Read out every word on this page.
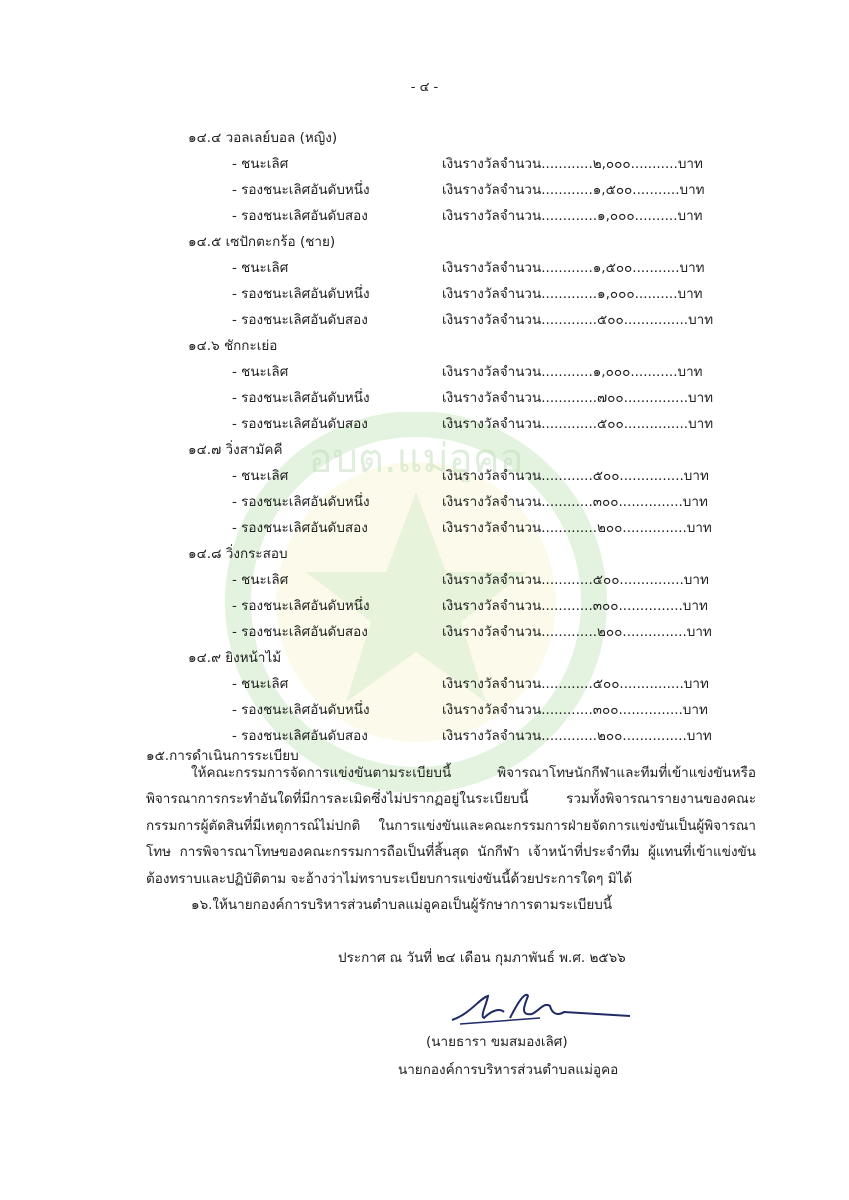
- ๔ -
อบต.แม่อูคอ
๑๔.๔ วอลเลย์บอล (หญิง)
- ชนะเลิศ	เงินรางวัลจำนวน............๒,๐๐๐...........บาท
- รองชนะเลิศอันดับหนึ่ง	เงินรางวัลจำนวน............๑,๕๐๐...........บาท
- รองชนะเลิศอันดับสอง	เงินรางวัลจำนวน.............๑,๐๐๐..........บาท
๑๔.๕ เซปักตะกร้อ (ชาย)
- ชนะเลิศ	เงินรางวัลจำนวน............๑,๕๐๐...........บาท
- รองชนะเลิศอันดับหนึ่ง	เงินรางวัลจำนวน.............๑,๐๐๐..........บาท
- รองชนะเลิศอันดับสอง	เงินรางวัลจำนวน.............๕๐๐...............บาท
๑๔.๖ ชักกะเย่อ
- ชนะเลิศ	เงินรางวัลจำนวน............๑,๐๐๐...........บาท
- รองชนะเลิศอันดับหนึ่ง	เงินรางวัลจำนวน.............๗๐๐...............บาท
- รองชนะเลิศอันดับสอง	เงินรางวัลจำนวน.............๕๐๐...............บาท
๑๔.๗ วิ่งสามัคคี
- ชนะเลิศ	เงินรางวัลจำนวน............๕๐๐...............บาท
- รองชนะเลิศอันดับหนึ่ง	เงินรางวัลจำนวน............๓๐๐...............บาท
- รองชนะเลิศอันดับสอง	เงินรางวัลจำนวน.............๒๐๐...............บาท
๑๔.๘ วิ่งกระสอบ
- ชนะเลิศ	เงินรางวัลจำนวน............๕๐๐...............บาท
- รองชนะเลิศอันดับหนึ่ง	เงินรางวัลจำนวน............๓๐๐...............บาท
- รองชนะเลิศอันดับสอง	เงินรางวัลจำนวน.............๒๐๐...............บาท
๑๔.๙ ยิงหน้าไม้
- ชนะเลิศ	เงินรางวัลจำนวน............๕๐๐...............บาท
- รองชนะเลิศอันดับหนึ่ง	เงินรางวัลจำนวน............๓๐๐...............บาท
- รองชนะเลิศอันดับสอง	เงินรางวัลจำนวน.............๒๐๐...............บาท
๑๕.การดำเนินการระเบียบ

ให้คณะกรรมการจัดการแข่งขันตามระเบียบนี้ พิจารณาโทษนักกีฬาและทีมที่เข้าแข่งขันหรือพิจารณาการกระทำอันใดที่มีการละเมิดซึ่งไม่ปรากฏอยู่ในระเบียบนี้ รวมทั้งพิจารณารายงานของคณะกรรมการผู้ตัดสินที่มีเหตุการณ์ไม่ปกติ ในการแข่งขันและคณะกรรมการฝ่ายจัดการแข่งขันเป็นผู้พิจารณาโทษ การพิจารณาโทษของคณะกรรมการถือเป็นที่สิ้นสุด นักกีฬา เจ้าหน้าที่ประจำทีม ผู้แทนที่เข้าแข่งขันต้องทราบและปฏิบัติตาม จะอ้างว่าไม่ทราบระเบียบการแข่งขันนี้ด้วยประการใดๆ มิได้

๑๖.ให้นายกองค์การบริหารส่วนตำบลแม่อูคอเป็นผู้รักษาการตามระเบียบนี้

ประกาศ ณ วันที่ ๒๔ เดือน กุมภาพันธ์ พ.ศ. ๒๕๖๖
(นายธารา ขมสมองเลิศ)
นายกองค์การบริหารส่วนตำบลแม่อูคอ
